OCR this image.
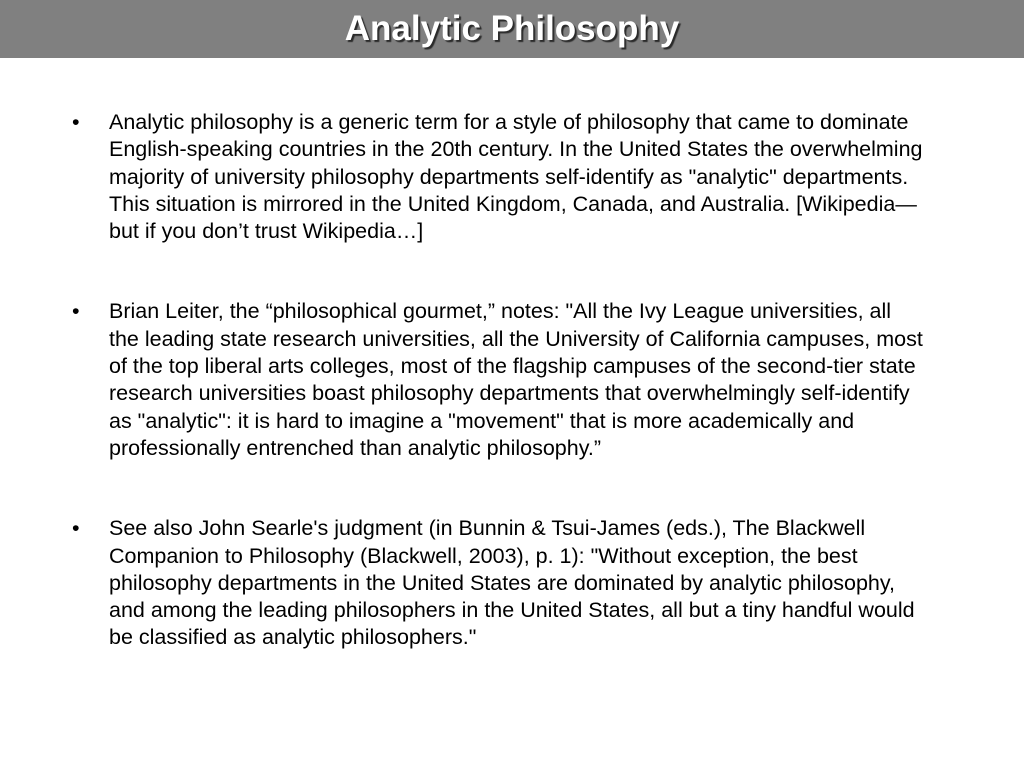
Analytic Philosophy
• Analytic philosophy is a generic term for a style of philosophy that came to dominate English-speaking countries in the 20th century. In the United States the overwhelming majority of university philosophy departments self-identify as "analytic" departments. This situation is mirrored in the United Kingdom, Canada, and Australia. [Wikipedia—but if you don’t trust Wikipedia…]
• Brian Leiter, the “philosophical gourmet,” notes: "All the Ivy League universities, all the leading state research universities, all the University of California campuses, most of the top liberal arts colleges, most of the flagship campuses of the second-tier state research universities boast philosophy departments that overwhelmingly self-identify as "analytic": it is hard to imagine a "movement" that is more academically and professionally entrenched than analytic philosophy.”
• See also John Searle's judgment (in Bunnin & Tsui-James (eds.), The Blackwell Companion to Philosophy (Blackwell, 2003), p. 1): "Without exception, the best philosophy departments in the United States are dominated by analytic philosophy, and among the leading philosophers in the United States, all but a tiny handful would be classified as analytic philosophers."
